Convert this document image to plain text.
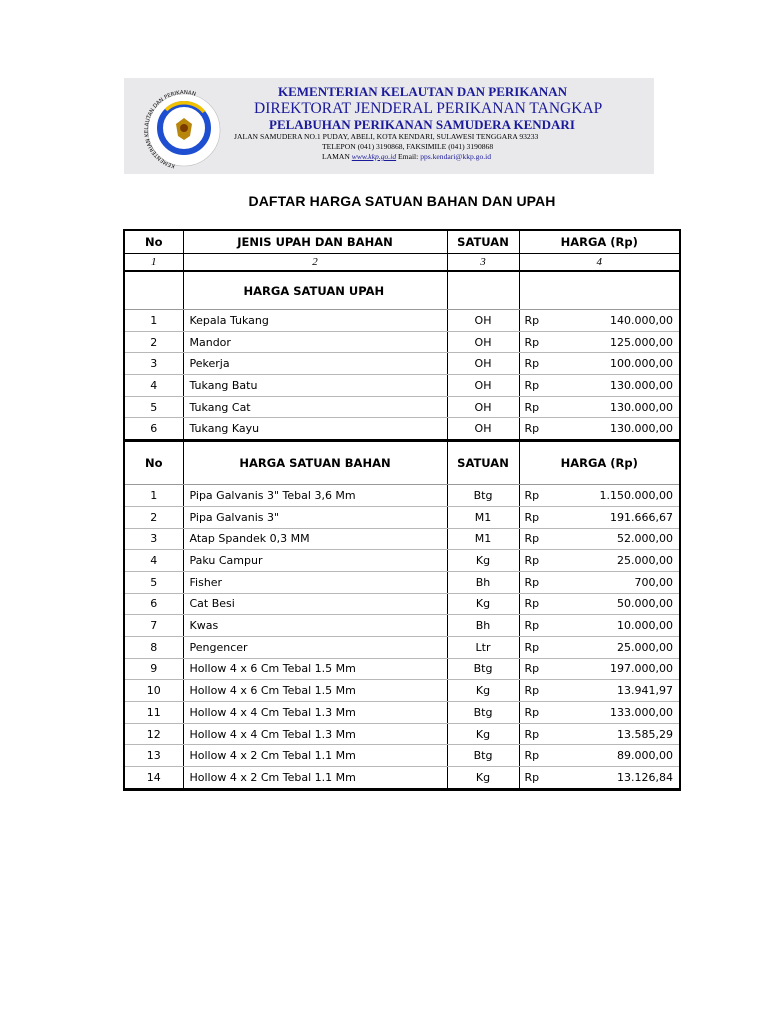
KEMENTERIAN KELAUTAN DAN PERIKANAN	KEMENTERIAN KELAUTAN DAN PERIKANAN
DIREKTORAT JENDERAL PERIKANAN TANGKAP
PELABUHAN PERIKANAN SAMUDERA KENDARI
JALAN SAMUDERA NO.1 PUDAY, ABELI, KOTA KENDARI, SULAWESI TENGGARA 93233
TELEPON (041) 3190868, FAKSIMILE (041) 3190868
LAMAN www.kkp.go.id Email: pps.kendari@kkp.go.id
DAFTAR HARGA SATUAN BAHAN DAN UPAH
No	JENIS UPAH DAN BAHAN	SATUAN	HARGA (Rp)
1	2	3	4
	HARGA SATUAN UPAH		
1	Kepala Tukang	OH	Rp 140.000,00

2	Mandor	OH	Rp 125.000,00

3	Pekerja	OH	Rp 100.000,00

4	Tukang Batu	OH	Rp 130.000,00

5	Tukang Cat	OH	Rp 130.000,00

6	Tukang Kayu	OH	Rp 130.000,00

No	HARGA SATUAN BAHAN	SATUAN	HARGA (Rp)
1	Pipa Galvanis 3" Tebal 3,6 Mm	Btg	Rp 1.150.000,00

2	Pipa Galvanis 3"	M1	Rp 191.666,67

3	Atap Spandek 0,3 MM	M1	Rp 52.000,00

4	Paku Campur	Kg	Rp 25.000,00

5	Fisher	Bh	Rp 700,00

6	Cat Besi	Kg	Rp 50.000,00

7	Kwas	Bh	Rp 10.000,00

8	Pengencer	Ltr	Rp 25.000,00

9	Hollow 4 x 6 Cm Tebal 1.5 Mm	Btg	Rp 197.000,00

10	Hollow 4 x 6 Cm Tebal 1.5 Mm	Kg	Rp 13.941,97

11	Hollow 4 x 4 Cm Tebal 1.3 Mm	Btg	Rp 133.000,00

12	Hollow 4 x 4 Cm Tebal 1.3 Mm	Kg	Rp 13.585,29

13	Hollow 4 x 2 Cm Tebal 1.1 Mm	Btg	Rp 89.000,00

14	Hollow 4 x 2 Cm Tebal 1.1 Mm	Kg	Rp 13.126,84
